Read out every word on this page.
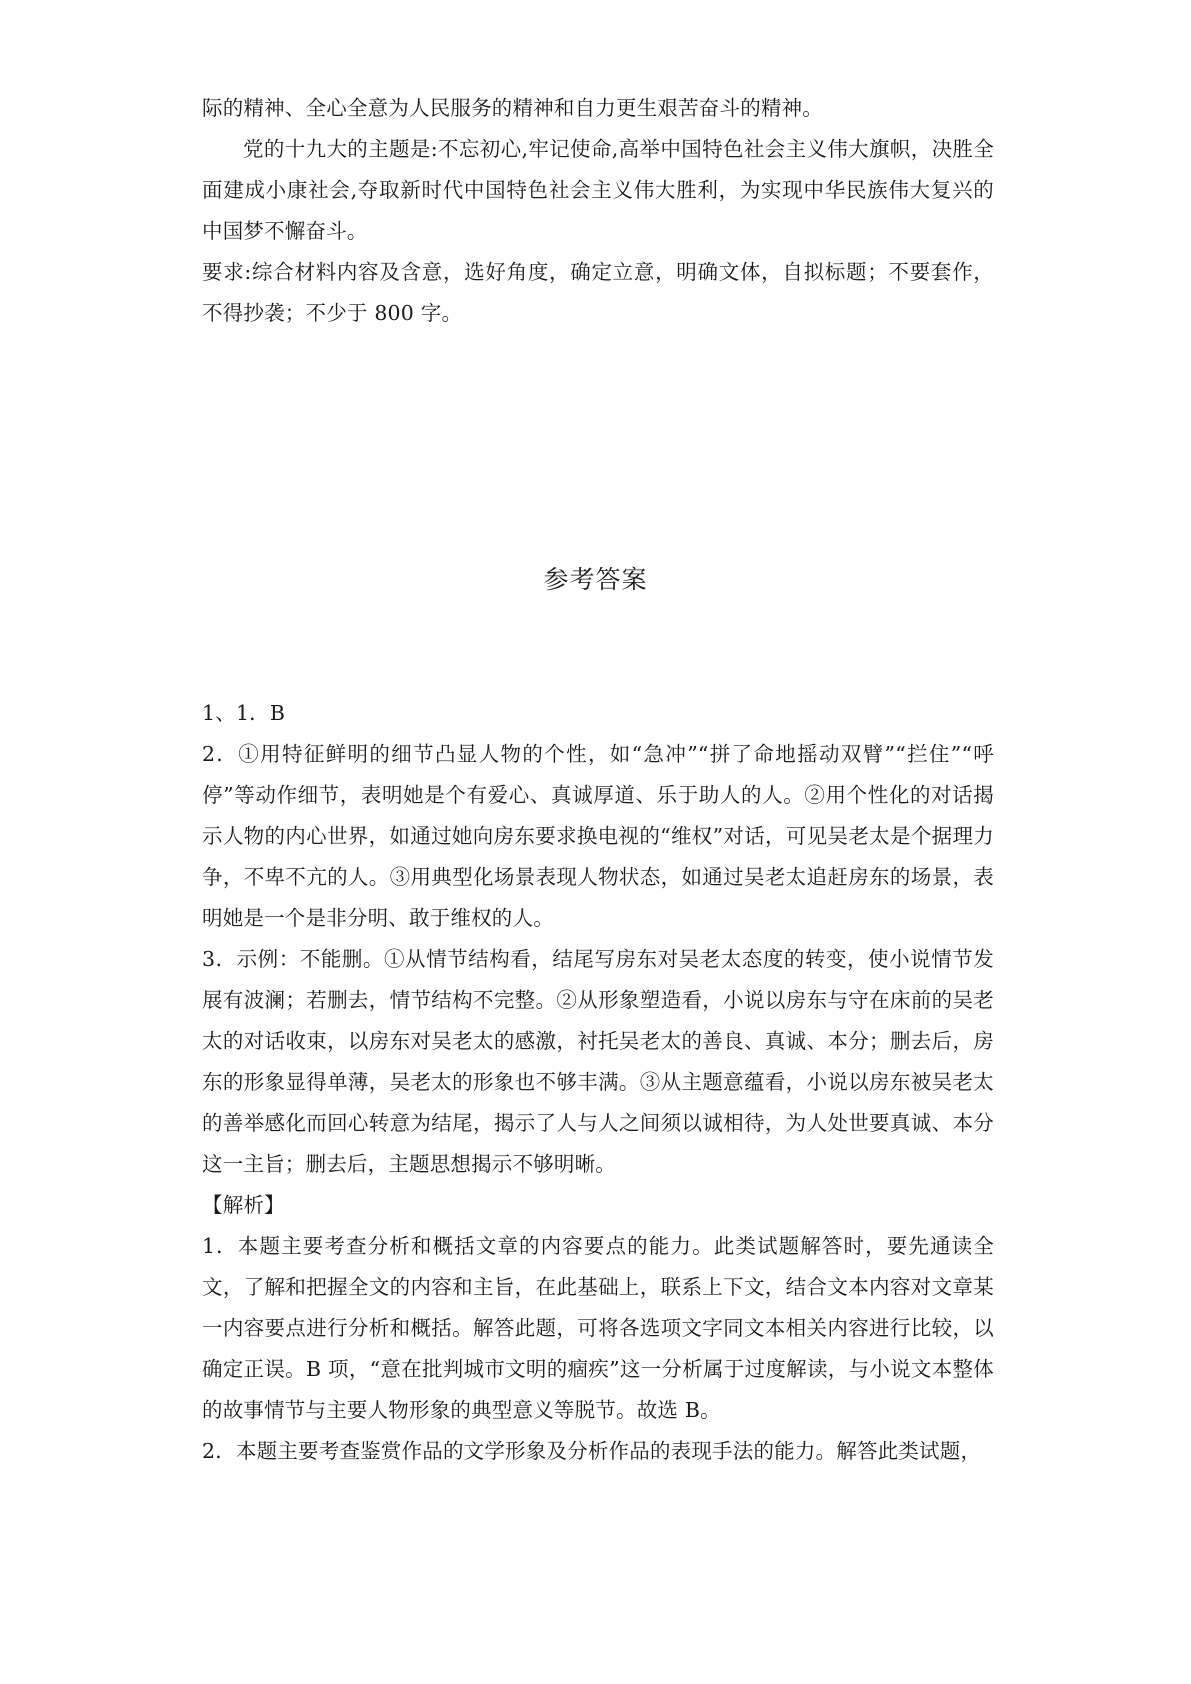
际的精神、全心全意为人民服务的精神和自力更生艰苦奋斗的精神。

党的十九大的主题是:不忘初心,牢记使命,高举中国特色社会主义伟大旗帜，决胜全面建成小康社会,夺取新时代中国特色社会主义伟大胜利，为实现中华民族伟大复兴的中国梦不懈奋斗。

要求:综合材料内容及含意，选好角度，确定立意，明确文体，自拟标题；不要套作，不得抄袭；不少于 800 字。

参考答案

1、1．B

2．①用特征鲜明的细节凸显人物的个性，如“急冲”“拼了命地摇动双臂”“拦住”“呼停”等动作细节，表明她是个有爱心、真诚厚道、乐于助人的人。②用个性化的对话揭示人物的内心世界，如通过她向房东要求换电视的“维权”对话，可见吴老太是个据理力争，不卑不亢的人。③用典型化场景表现人物状态，如通过吴老太追赶房东的场景，表明她是一个是非分明、敢于维权的人。

3．示例：不能删。①从情节结构看，结尾写房东对吴老太态度的转变，使小说情节发展有波澜；若删去，情节结构不完整。②从形象塑造看，小说以房东与守在床前的吴老太的对话收束，以房东对吴老太的感激，衬托吴老太的善良、真诚、本分；删去后，房东的形象显得单薄，吴老太的形象也不够丰满。③从主题意蕴看，小说以房东被吴老太的善举感化而回心转意为结尾，揭示了人与人之间须以诚相待，为人处世要真诚、本分这一主旨；删去后，主题思想揭示不够明晰。

【解析】

1．本题主要考查分析和概括文章的内容要点的能力。此类试题解答时，要先通读全文，了解和把握全文的内容和主旨，在此基础上，联系上下文，结合文本内容对文章某一内容要点进行分析和概括。解答此题，可将各选项文字同文本相关内容进行比较，以确定正误。B 项，“意在批判城市文明的痼疾”这一分析属于过度解读，与小说文本整体的故事情节与主要人物形象的典型意义等脱节。故选 B。

2．本题主要考查鉴赏作品的文学形象及分析作品的表现手法的能力。解答此类试题，
